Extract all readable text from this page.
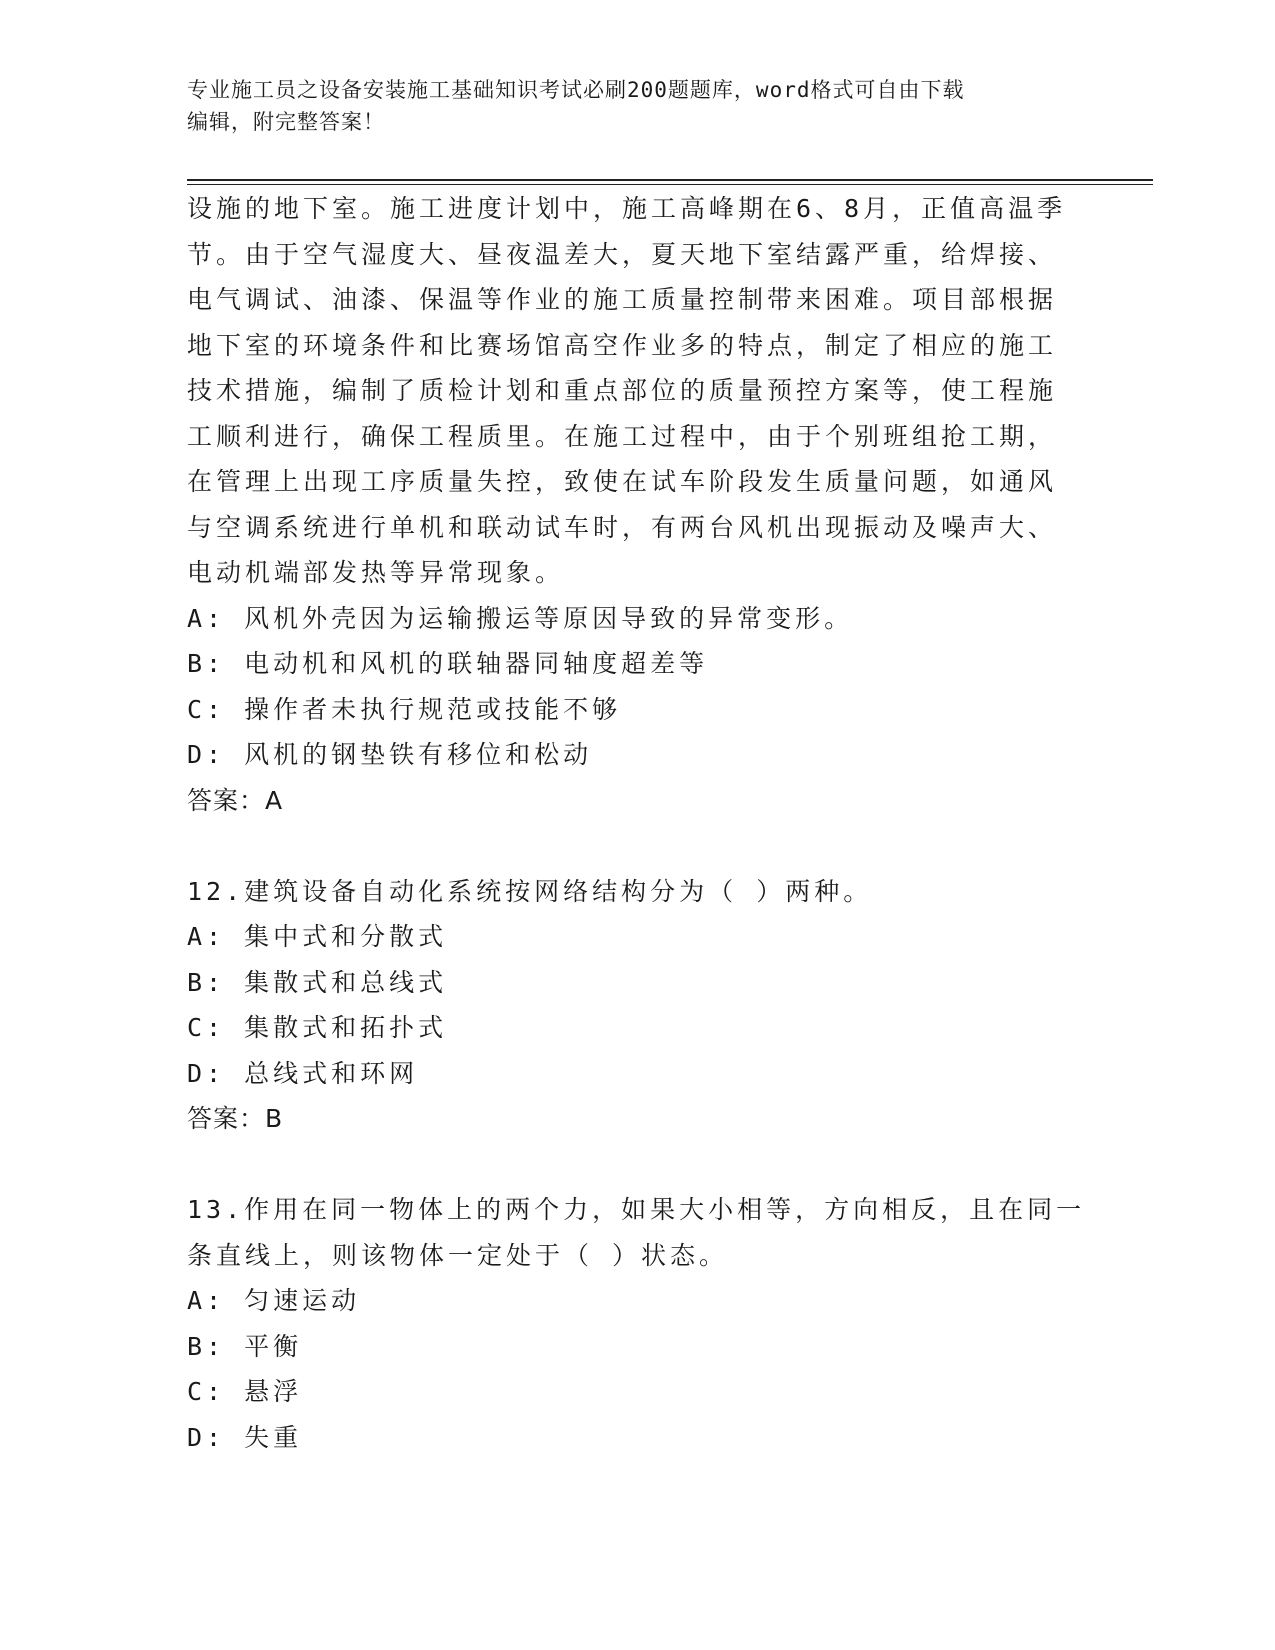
专业施工员之设备安装施工基础知识考试必刷200题题库，word格式可自由下载
编辑，附完整答案！
设施的地下室。施工进度计划中，施工高峰期在6、8月，正值高温季
节。由于空气湿度大、昼夜温差大，夏天地下室结露严重，给焊接、
电气调试、油漆、保温等作业的施工质量控制带来困难。项目部根据
地下室的环境条件和比赛场馆高空作业多的特点，制定了相应的施工
技术措施，编制了质检计划和重点部位的质量预控方案等，使工程施
工顺利进行，确保工程质里。在施工过程中，由于个别班组抢工期，
在管理上出现工序质量失控，致使在试车阶段发生质量问题，如通风
与空调系统进行单机和联动试车时，有两台风机出现振动及噪声大、
电动机端部发热等异常现象。
A: 风机外壳因为运输搬运等原因导致的异常变形。
B: 电动机和风机的联轴器同轴度超差等
C: 操作者未执行规范或技能不够
D: 风机的钢垫铁有移位和松动
答案：A
12.建筑设备自动化系统按网络结构分为（ ）两种。
A: 集中式和分散式
B: 集散式和总线式
C: 集散式和拓扑式
D: 总线式和环网
答案：B
13.作用在同一物体上的两个力，如果大小相等，方向相反，且在同一
条直线上，则该物体一定处于（ ）状态。
A: 匀速运动
B: 平衡
C: 悬浮
D: 失重
